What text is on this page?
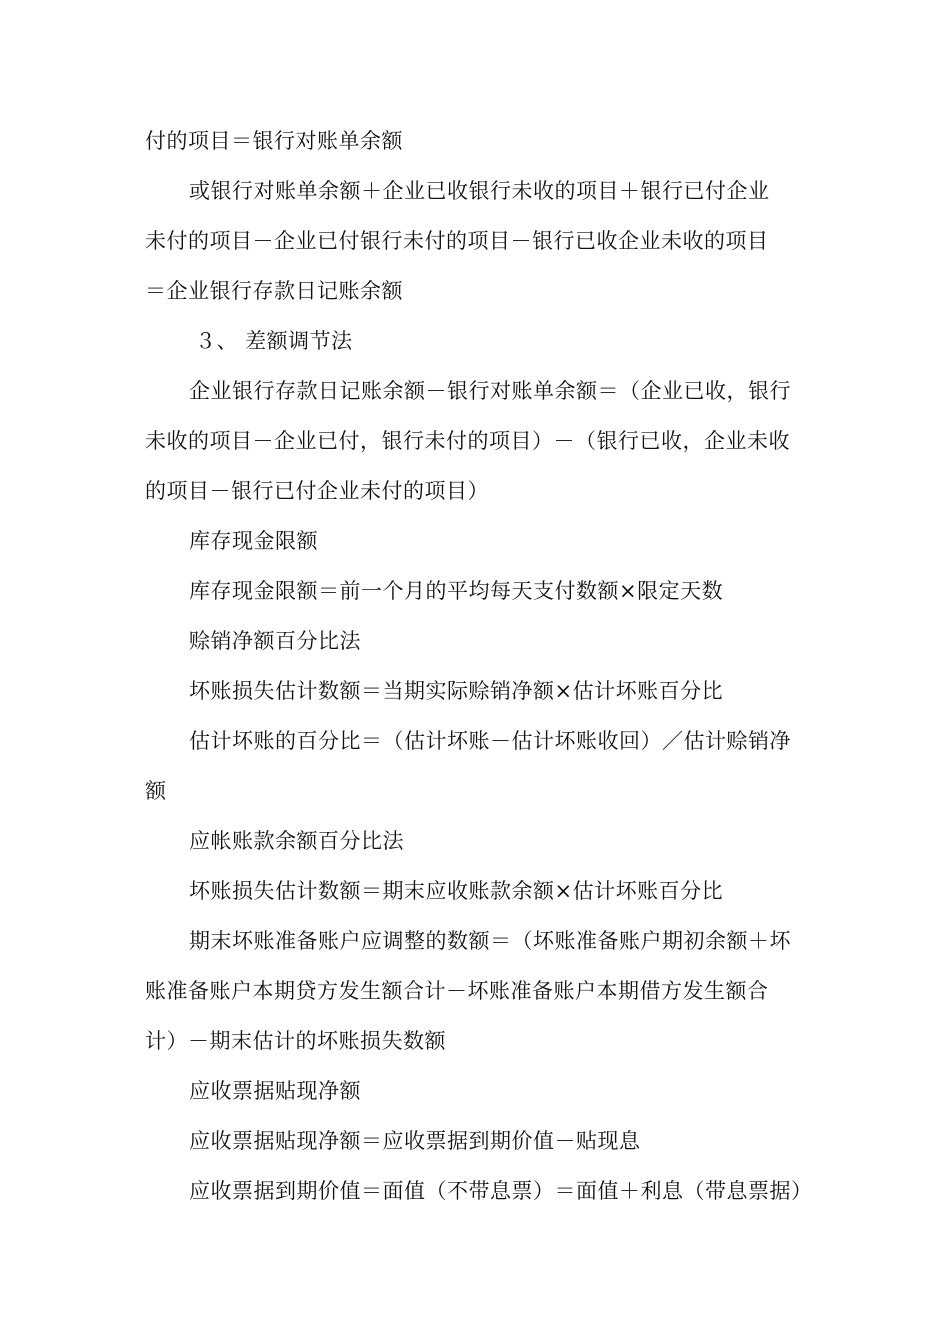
付的项目＝银行对账单余额
或银行对账单余额＋企业已收银行未收的项目＋银行已付企业
未付的项目－企业已付银行未付的项目－银行已收企业未收的项目
＝企业银行存款日记账余额
３、 差额调节法
企业银行存款日记账余额－银行对账单余额＝（企业已收，银行
未收的项目－企业已付，银行未付的项目）－（银行已收，企业未收
的项目－银行已付企业未付的项目）
库存现金限额
库存现金限额＝前一个月的平均每天支付数额×限定天数
赊销净额百分比法
坏账损失估计数额＝当期实际赊销净额×估计坏账百分比
估计坏账的百分比＝（估计坏账－估计坏账收回）／估计赊销净
额
应帐账款余额百分比法
坏账损失估计数额＝期末应收账款余额×估计坏账百分比
期末坏账准备账户应调整的数额＝（坏账准备账户期初余额＋坏
账准备账户本期贷方发生额合计－坏账准备账户本期借方发生额合
计）－期末估计的坏账损失数额
应收票据贴现净额
应收票据贴现净额＝应收票据到期价值－贴现息
应收票据到期价值＝面值（不带息票）＝面值＋利息（带息票据）
